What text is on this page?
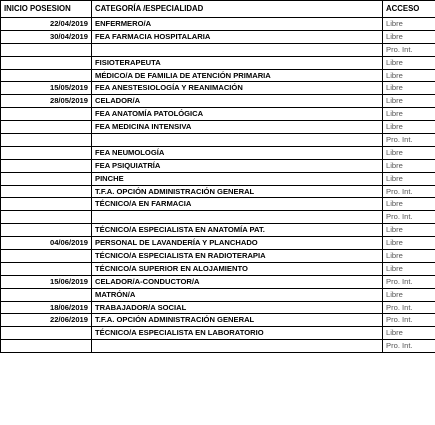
INICIO POSESION	CATEGORÍA /ESPECIALIDAD	ACCESO
22/04/2019	ENFERMERO/A	Libre
30/04/2019	FEA FARMACIA HOSPITALARIA	Libre
		Pro. Int.
	FISIOTERAPEUTA	Libre
	MÉDICO/A DE FAMILIA DE ATENCIÓN PRIMARIA	Libre
15/05/2019	FEA ANESTESIOLOGÍA Y REANIMACIÓN	Libre
28/05/2019	CELADOR/A	Libre
	FEA ANATOMÍA PATOLÓGICA	Libre
	FEA MEDICINA INTENSIVA	Libre
		Pro. Int.
	FEA NEUMOLOGÍA	Libre
	FEA PSIQUIATRÍA	Libre
	PINCHE	Libre
	T.F.A. OPCIÓN ADMINISTRACIÓN GENERAL	Pro. Int.
	TÉCNICO/A EN FARMACIA	Libre
		Pro. Int.
	TÉCNICO/A ESPECIALISTA EN ANATOMÍA PAT.	Libre
04/06/2019	PERSONAL DE LAVANDERÍA Y PLANCHADO	Libre
	TÉCNICO/A ESPECIALISTA EN RADIOTERAPIA	Libre
	TÉCNICO/A SUPERIOR EN ALOJAMIENTO	Libre
15/06/2019	CELADOR/A-CONDUCTOR/A	Pro. Int.
	MATRÓN/A	Libre
18/06/2019	TRABAJADOR/A SOCIAL	Pro. Int.
22/06/2019	T.F.A. OPCIÓN ADMINISTRACIÓN GENERAL	Pro. Int.
	TÉCNICO/A ESPECIALISTA EN LABORATORIO	Libre
		Pro. Int.
